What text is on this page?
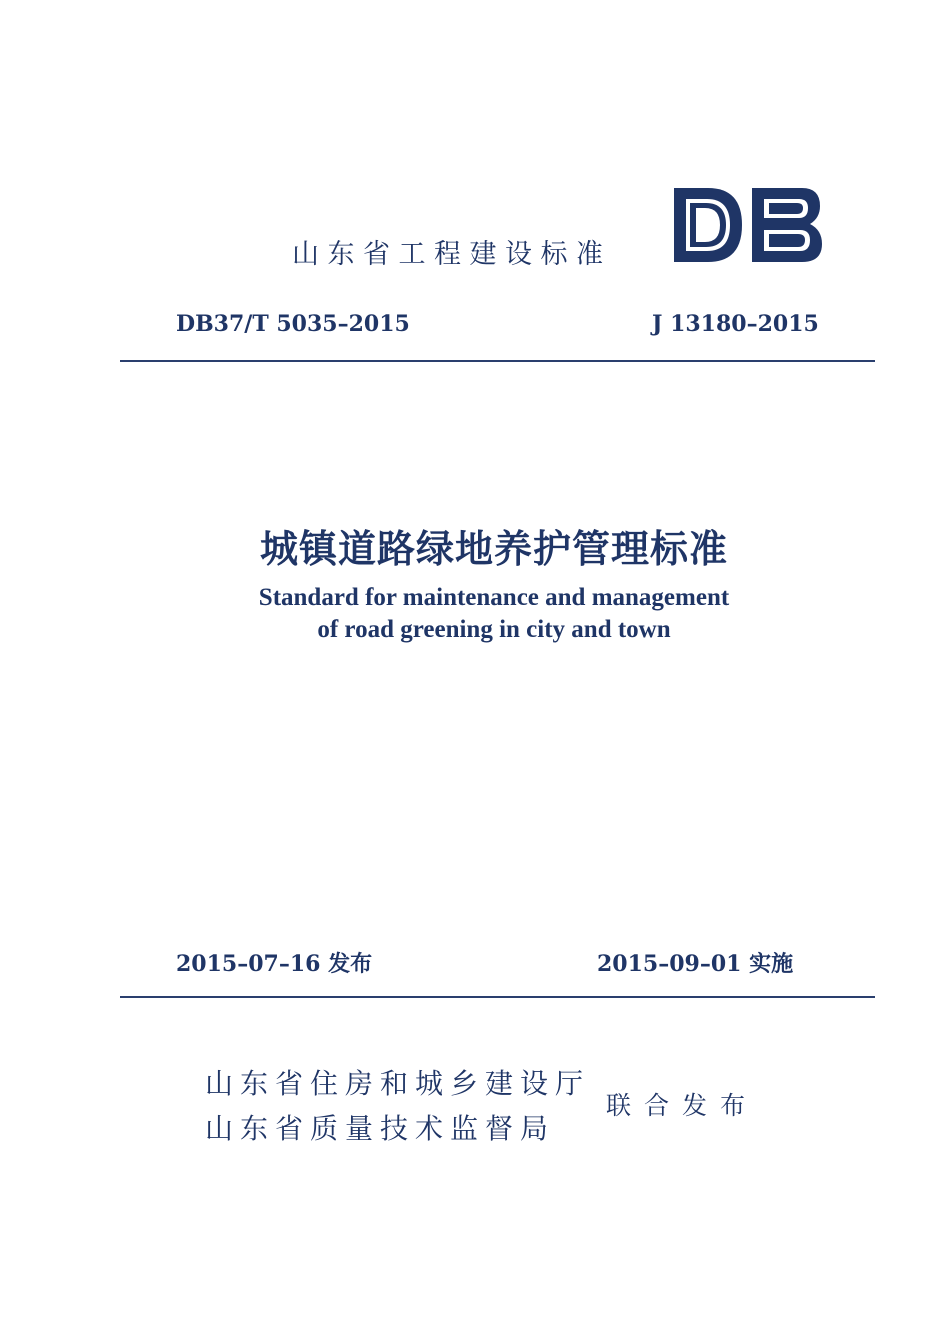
山东省工程建设标准
DB37/T 5035–2015	J 13180–2015
城镇道路绿地养护管理标准
Standard for maintenance and management
of road greening in city and town
2015–07–16 发布	2015–09–01 实施
山东省住房和城乡建设厅
山东省质量技术监督局
联合发布
